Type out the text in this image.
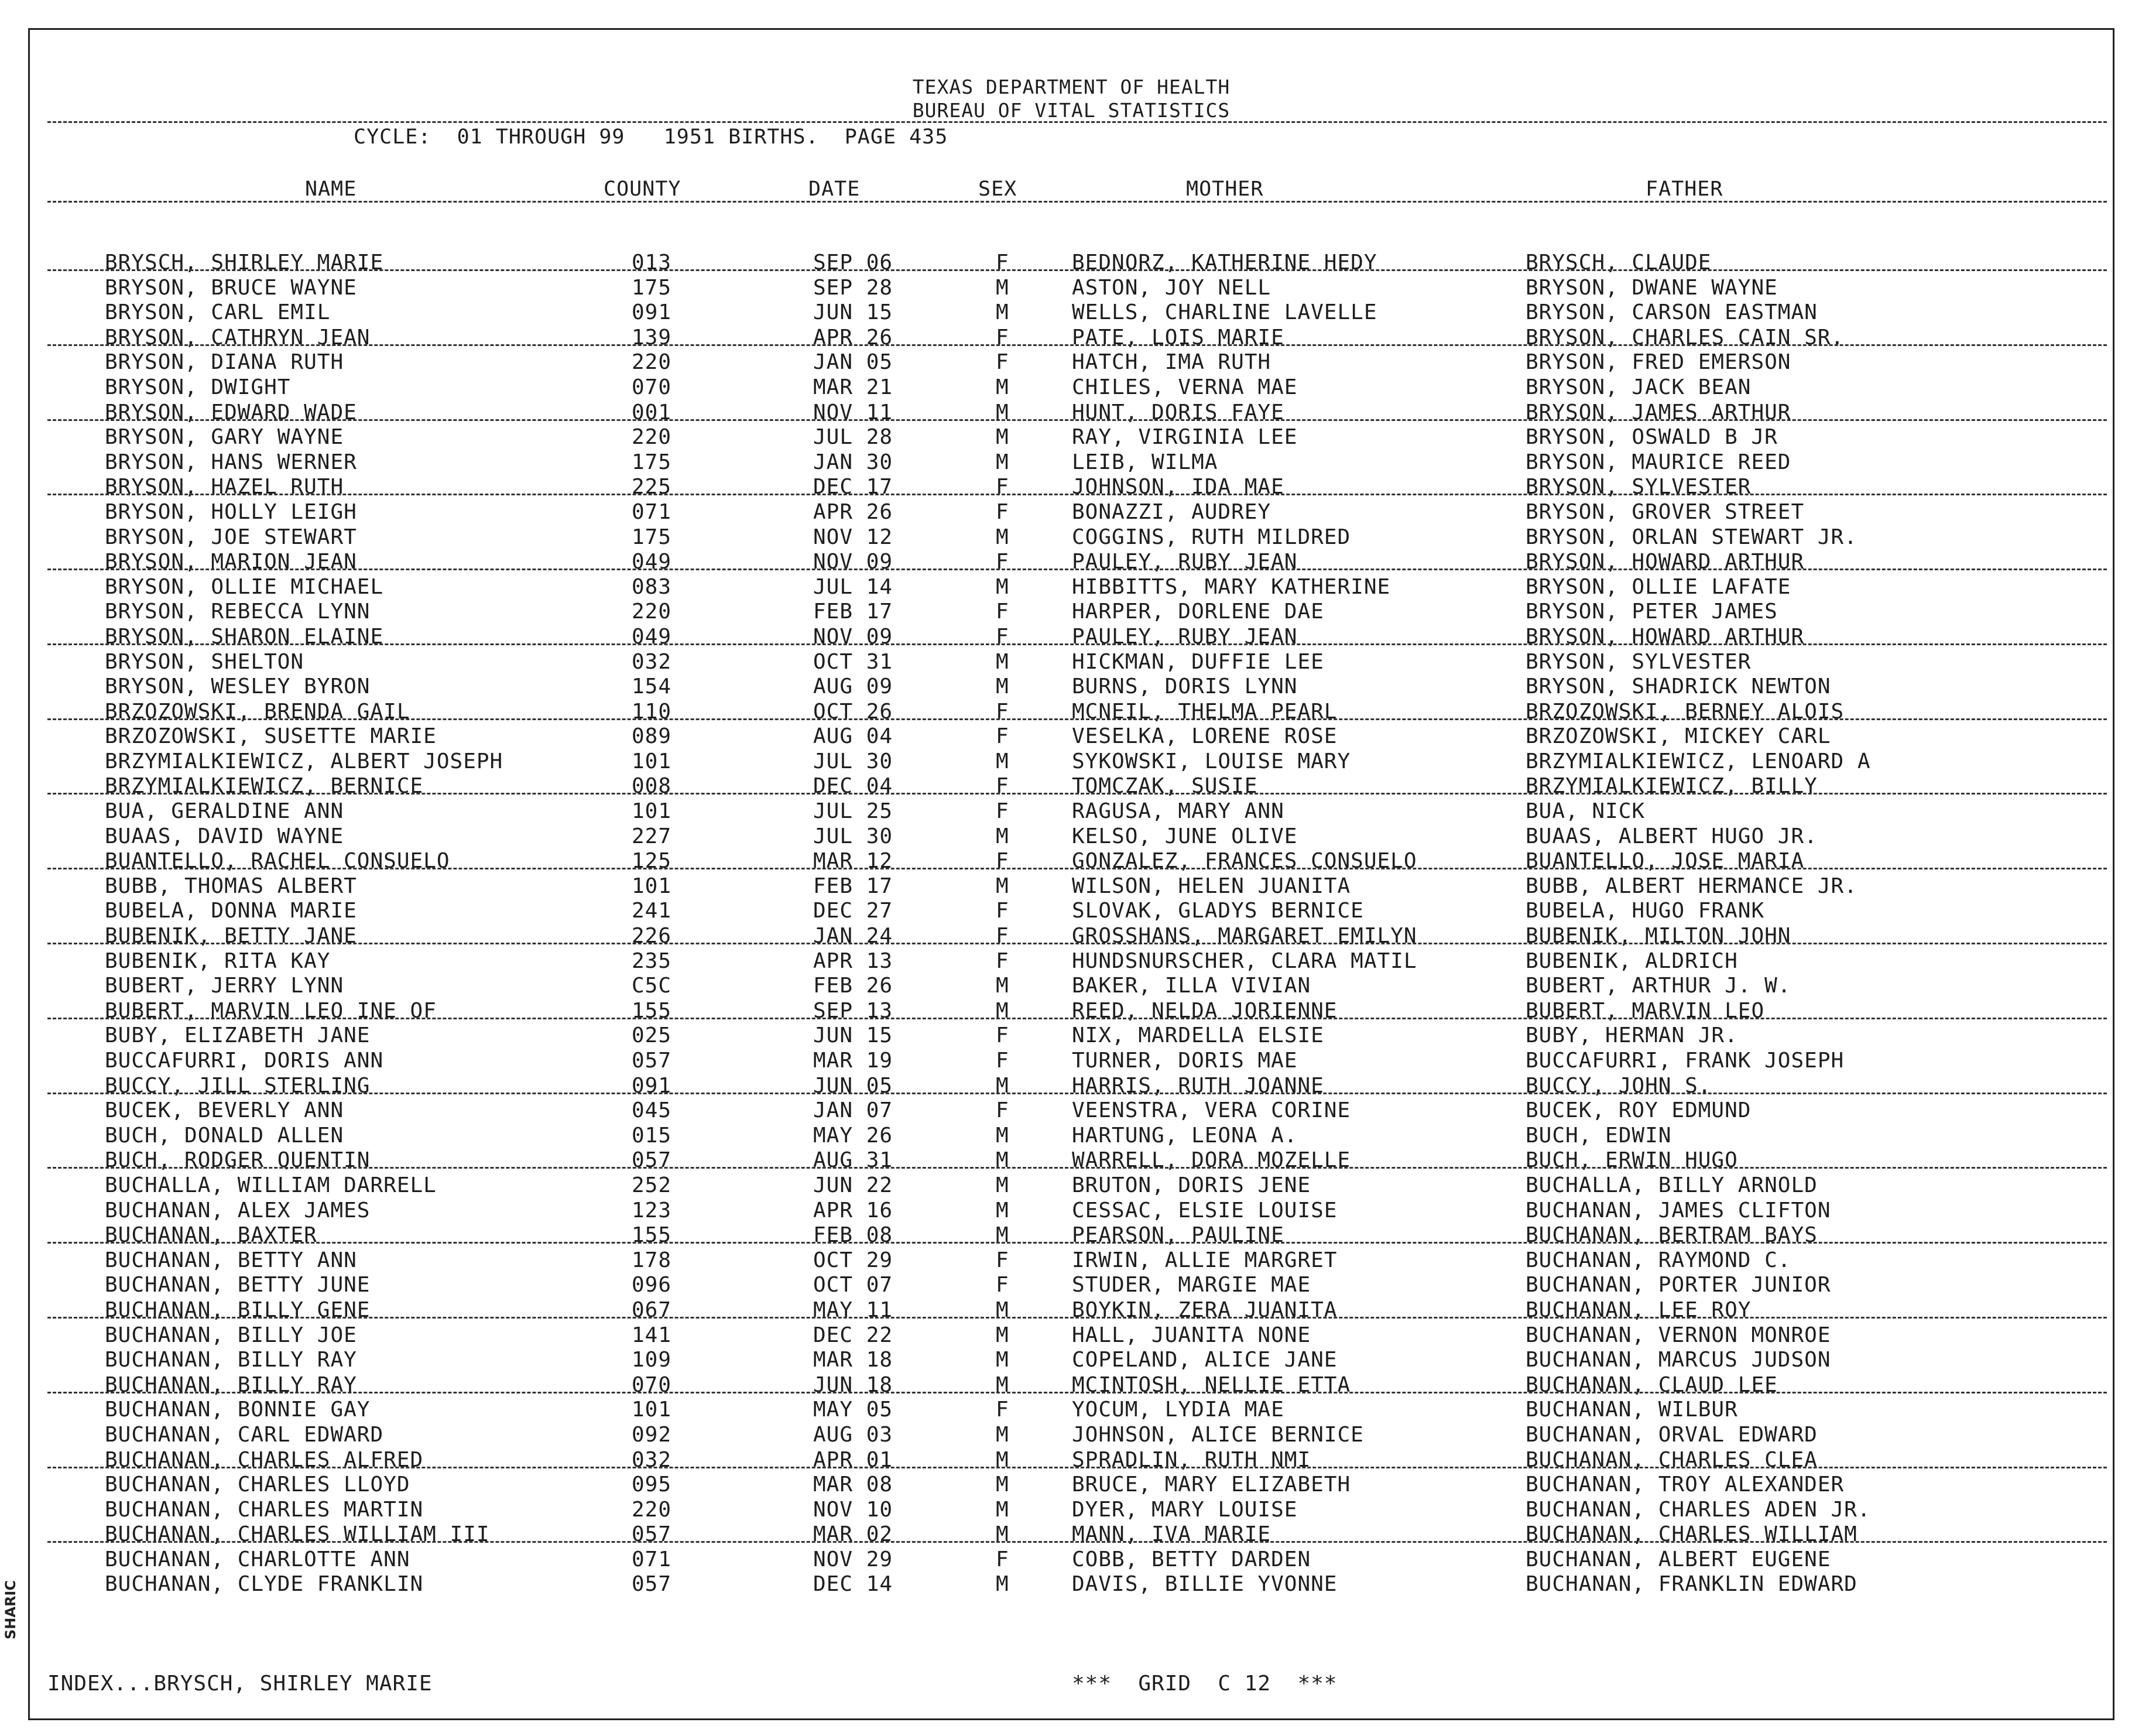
TEXAS DEPARTMENT OF HEALTH
BUREAU OF VITAL STATISTICS
CYCLE:  01 THROUGH 99   1951 BIRTHS.  PAGE 435
NAME	COUNTY	DATE	SEX	MOTHER	FATHER
BRYSCH, SHIRLEY MARIE	013	SEP 06	F	BEDNORZ, KATHERINE HEDY	BRYSCH, CLAUDE
BRYSON, BRUCE WAYNE	175	SEP 28	M	ASTON, JOY NELL	BRYSON, DWANE WAYNE
BRYSON, CARL EMIL	091	JUN 15	M	WELLS, CHARLINE LAVELLE	BRYSON, CARSON EASTMAN
BRYSON, CATHRYN JEAN	139	APR 26	F	PATE, LOIS MARIE	BRYSON, CHARLES CAIN SR.
BRYSON, DIANA RUTH	220	JAN 05	F	HATCH, IMA RUTH	BRYSON, FRED EMERSON
BRYSON, DWIGHT	070	MAR 21	M	CHILES, VERNA MAE	BRYSON, JACK BEAN
BRYSON, EDWARD WADE	001	NOV 11	M	HUNT, DORIS FAYE	BRYSON, JAMES ARTHUR
BRYSON, GARY WAYNE	220	JUL 28	M	RAY, VIRGINIA LEE	BRYSON, OSWALD B JR
BRYSON, HANS WERNER	175	JAN 30	M	LEIB, WILMA	BRYSON, MAURICE REED
BRYSON, HAZEL RUTH	225	DEC 17	F	JOHNSON, IDA MAE	BRYSON, SYLVESTER
BRYSON, HOLLY LEIGH	071	APR 26	F	BONAZZI, AUDREY	BRYSON, GROVER STREET
BRYSON, JOE STEWART	175	NOV 12	M	COGGINS, RUTH MILDRED	BRYSON, ORLAN STEWART JR.
BRYSON, MARION JEAN	049	NOV 09	F	PAULEY, RUBY JEAN	BRYSON, HOWARD ARTHUR
BRYSON, OLLIE MICHAEL	083	JUL 14	M	HIBBITTS, MARY KATHERINE	BRYSON, OLLIE LAFATE
BRYSON, REBECCA LYNN	220	FEB 17	F	HARPER, DORLENE DAE	BRYSON, PETER JAMES
BRYSON, SHARON ELAINE	049	NOV 09	F	PAULEY, RUBY JEAN	BRYSON, HOWARD ARTHUR
BRYSON, SHELTON	032	OCT 31	M	HICKMAN, DUFFIE LEE	BRYSON, SYLVESTER
BRYSON, WESLEY BYRON	154	AUG 09	M	BURNS, DORIS LYNN	BRYSON, SHADRICK NEWTON
BRZOZOWSKI, BRENDA GAIL	110	OCT 26	F	MCNEIL, THELMA PEARL	BRZOZOWSKI, BERNEY ALOIS
BRZOZOWSKI, SUSETTE MARIE	089	AUG 04	F	VESELKA, LORENE ROSE	BRZOZOWSKI, MICKEY CARL
BRZYMIALKIEWICZ, ALBERT JOSEPH	101	JUL 30	M	SYKOWSKI, LOUISE MARY	BRZYMIALKIEWICZ, LENOARD A
BRZYMIALKIEWICZ, BERNICE	008	DEC 04	F	TOMCZAK, SUSIE	BRZYMIALKIEWICZ, BILLY
BUA, GERALDINE ANN	101	JUL 25	F	RAGUSA, MARY ANN	BUA, NICK
BUAAS, DAVID WAYNE	227	JUL 30	M	KELSO, JUNE OLIVE	BUAAS, ALBERT HUGO JR.
BUANTELLO, RACHEL CONSUELO	125	MAR 12	F	GONZALEZ, FRANCES CONSUELO	BUANTELLO, JOSE MARIA
BUBB, THOMAS ALBERT	101	FEB 17	M	WILSON, HELEN JUANITA	BUBB, ALBERT HERMANCE JR.
BUBELA, DONNA MARIE	241	DEC 27	F	SLOVAK, GLADYS BERNICE	BUBELA, HUGO FRANK
BUBENIK, BETTY JANE	226	JAN 24	F	GROSSHANS, MARGARET EMILYN	BUBENIK, MILTON JOHN
BUBENIK, RITA KAY	235	APR 13	F	HUNDSNURSCHER, CLARA MATIL	BUBENIK, ALDRICH
BUBERT, JERRY LYNN	C5C	FEB 26	M	BAKER, ILLA VIVIAN	BUBERT, ARTHUR J. W.
BUBERT, MARVIN LEO INE OF	155	SEP 13	M	REED, NELDA JORIENNE	BUBERT, MARVIN LEO
BUBY, ELIZABETH JANE	025	JUN 15	F	NIX, MARDELLA ELSIE	BUBY, HERMAN JR.
BUCCAFURRI, DORIS ANN	057	MAR 19	F	TURNER, DORIS MAE	BUCCAFURRI, FRANK JOSEPH
BUCCY, JILL STERLING	091	JUN 05	M	HARRIS, RUTH JOANNE	BUCCY, JOHN S.
BUCEK, BEVERLY ANN	045	JAN 07	F	VEENSTRA, VERA CORINE	BUCEK, ROY EDMUND
BUCH, DONALD ALLEN	015	MAY 26	M	HARTUNG, LEONA A.	BUCH, EDWIN
BUCH, RODGER QUENTIN	057	AUG 31	M	WARRELL, DORA MOZELLE	BUCH, ERWIN HUGO
BUCHALLA, WILLIAM DARRELL	252	JUN 22	M	BRUTON, DORIS JENE	BUCHALLA, BILLY ARNOLD
BUCHANAN, ALEX JAMES	123	APR 16	M	CESSAC, ELSIE LOUISE	BUCHANAN, JAMES CLIFTON
BUCHANAN, BAXTER	155	FEB 08	M	PEARSON, PAULINE	BUCHANAN, BERTRAM BAYS
BUCHANAN, BETTY ANN	178	OCT 29	F	IRWIN, ALLIE MARGRET	BUCHANAN, RAYMOND C.
BUCHANAN, BETTY JUNE	096	OCT 07	F	STUDER, MARGIE MAE	BUCHANAN, PORTER JUNIOR
BUCHANAN, BILLY GENE	067	MAY 11	M	BOYKIN, ZERA JUANITA	BUCHANAN, LEE ROY
BUCHANAN, BILLY JOE	141	DEC 22	M	HALL, JUANITA NONE	BUCHANAN, VERNON MONROE
BUCHANAN, BILLY RAY	109	MAR 18	M	COPELAND, ALICE JANE	BUCHANAN, MARCUS JUDSON
BUCHANAN, BILLY RAY	070	JUN 18	M	MCINTOSH, NELLIE ETTA	BUCHANAN, CLAUD LEE
BUCHANAN, BONNIE GAY	101	MAY 05	F	YOCUM, LYDIA MAE	BUCHANAN, WILBUR
BUCHANAN, CARL EDWARD	092	AUG 03	M	JOHNSON, ALICE BERNICE	BUCHANAN, ORVAL EDWARD
BUCHANAN, CHARLES ALFRED	032	APR 01	M	SPRADLIN, RUTH NMI	BUCHANAN, CHARLES CLEA
BUCHANAN, CHARLES LLOYD	095	MAR 08	M	BRUCE, MARY ELIZABETH	BUCHANAN, TROY ALEXANDER
BUCHANAN, CHARLES MARTIN	220	NOV 10	M	DYER, MARY LOUISE	BUCHANAN, CHARLES ADEN JR.
BUCHANAN, CHARLES WILLIAM III	057	MAR 02	M	MANN, IVA MARIE	BUCHANAN, CHARLES WILLIAM
BUCHANAN, CHARLOTTE ANN	071	NOV 29	F	COBB, BETTY DARDEN	BUCHANAN, ALBERT EUGENE
BUCHANAN, CLYDE FRANKLIN	057	DEC 14	M	DAVIS, BILLIE YVONNE	BUCHANAN, FRANKLIN EDWARD
INDEX...BRYSCH, SHIRLEY MARIE	***  GRID  C 12  ***
SHARIC
